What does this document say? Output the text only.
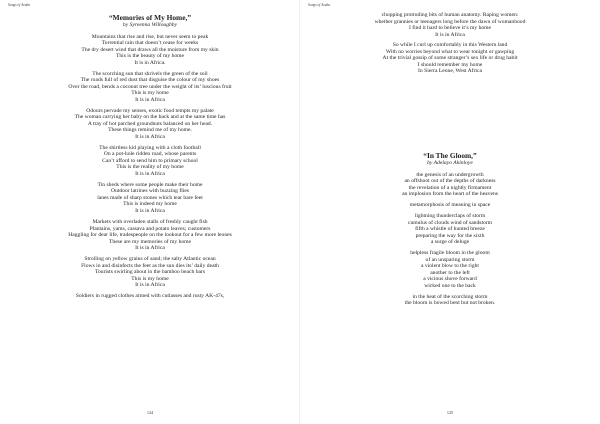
Songs of Azuba
“Memories of My Home,”
by Syreenna Willoughby
Mountains that rise and rise, but never seem to peak
Torrential rain that doesn’t cease for weeks
The dry desert wind that draws all the moisture from my skin
This is the beauty of my home
It is in Africa.
The scorching sun that shrivels the green of the soil
The roads full of red dust that disguise the colour of my shoes
Over the road, bends a coconut tree under the weight of its’ luscious fruit
This is my home
It is in Africa
Odours pervade my senses, exotic food tempts my palate
The woman carrying her baby on the back and at the same time has
A tray of hot parched groundnuts balanced on her head.
These things remind me of my home.
It is in Africa
The shirtless kid playing with a cloth football
On a pot-hole ridden road, whose parents
Can’t afford to send him to primary school
This is the reality of my home
It is in Africa
Tin sheds where some people make their home
Outdoor latrines with buzzing flies
lanes made of sharp stones which tear bare feet
This is indeed my home
It is in Africa
Markets with overladen stalls of freshly caught fish
Plantains, yams, cassava and potato leaves; customers
Haggling for dear life, tradespeople on the lookout for a few more leones
These are my memories of my home
It is in Africa
Strolling on yellow grains of sand; the salty Atlantic ocean
Flows in and disinfects the feet as the sun dies its’ daily death
Tourists swirling about in the bamboo beach bars
This is my home
It is in Africa
Soldiers in rugged clothes armed with cutlasses and rusty AK-47s,
124
Songs of Azuba
chopping protruding bits of human anatomy. Raping women:
whether grannies or teenagers long before the dawn of womanhood
I find it hard to believe it’s my home
It is in Africa
So while I curl up comfortably in this Western land
With no worries beyond what to wear tonight or gawping
At the trivial gossip of some stranger’s sex life or drug habit
I should remember my home
In Sierra Leone, West Africa
“In The Gloom,”
by Adelayo Akinloye
the genesis of an undergrowth
an offshoot out of the depths of darkness
the revelation of a nightly firmament
an implosion from the heart of the heavens
metamorphosis of meaning in space
lightning thunderclaps of storm
cumulus of clouds wind of sandstorm
fifth a whistle of hunted breeze
preparing the way for the sixth
a surge of deluge
helpless fragile bloom in the gloom
of an unsparing storm
a violent blow to the right
another to the left
a vicious shove forward
wicked one to the back
in the heat of the scorching storm
the bloom is bowed bent but not broken.
125
